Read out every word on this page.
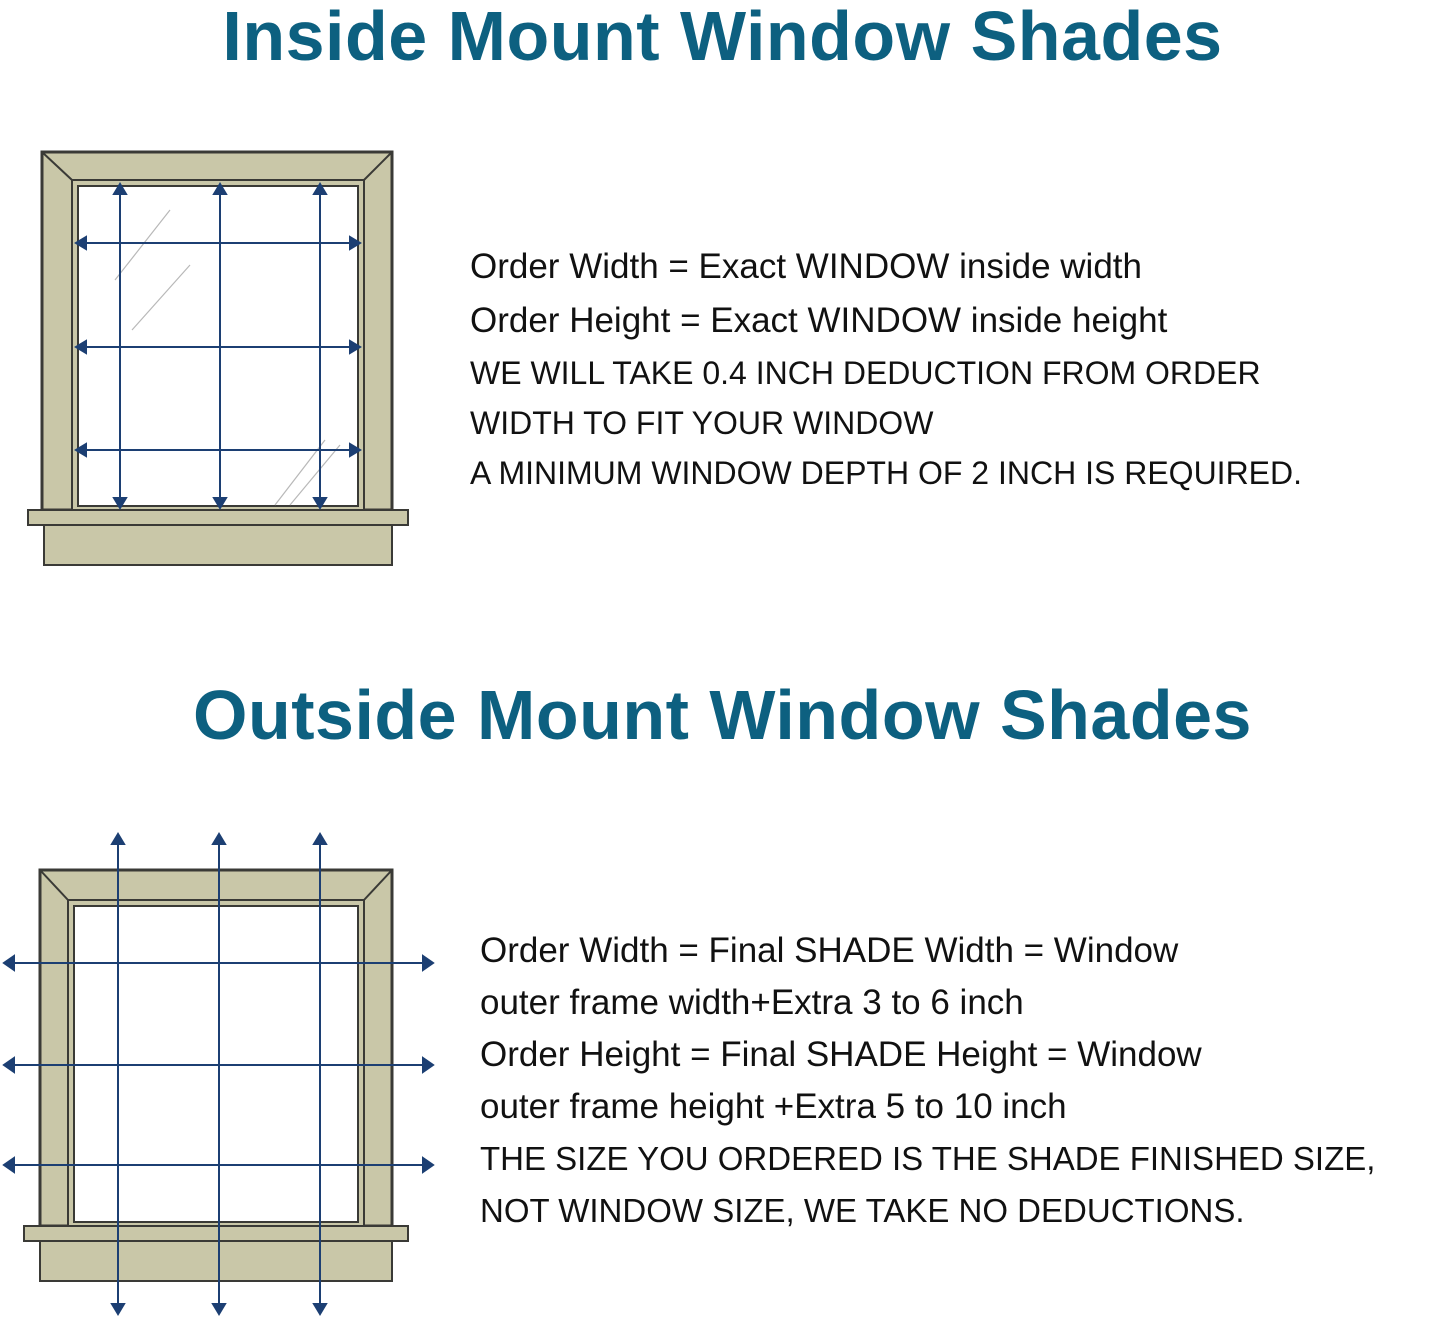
Inside Mount Window Shades

Order Width = Exact WINDOW inside width

Order Height = Exact WINDOW inside height

WE WILL TAKE 0.4 INCH DEDUCTION FROM ORDER

WIDTH TO FIT YOUR WINDOW

A MINIMUM WINDOW DEPTH OF 2 INCH IS REQUIRED.

Outside Mount Window Shades

Order Width = Final SHADE Width = Window

outer frame width+Extra 3 to 6 inch

Order Height = Final SHADE Height = Window

outer frame height +Extra 5 to 10 inch

THE SIZE YOU ORDERED IS THE SHADE FINISHED SIZE,

NOT WINDOW SIZE, WE TAKE NO DEDUCTIONS.
